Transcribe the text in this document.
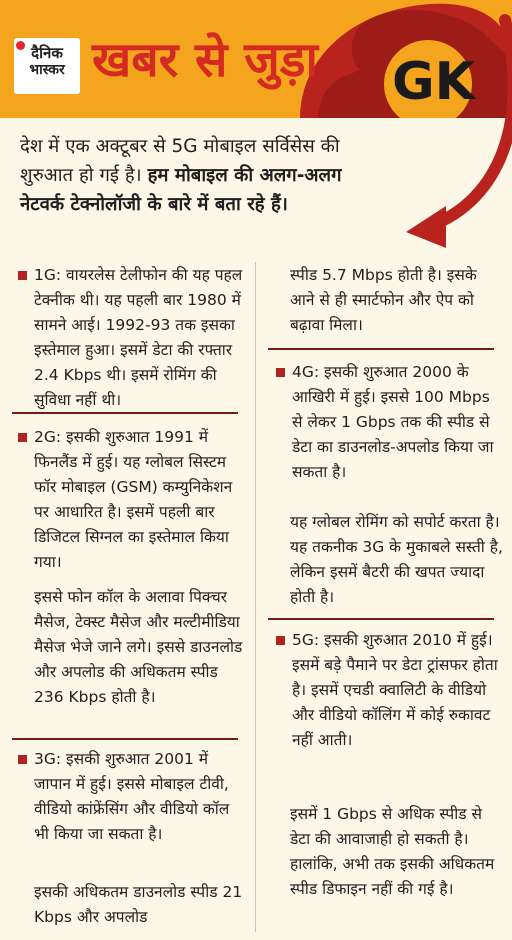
दैनिक
भास्कर खबर से जुड़ा GK
देश में एक अक्टूबर से 5G मोबाइल सर्विसेस की शुरुआत हो गई है। हम मोबाइल की अलग-अलग नेटवर्क टेक्नोलॉजी के बारे में बता रहे हैं।
1G: वायरलेस टेलीफोन की यह पहल टेक्नीक थी। यह पहली बार 1980 में सामने आई। 1992-93 तक इसका इस्तेमाल हुआ। इसमें डेटा की रफ्तार 2.4 Kbps थी। इसमें रोमिंग की सुविधा नहीं थी।
2G: इसकी शुरुआत 1991 में फिनलैंड में हुई। यह ग्लोबल सिस्टम फॉर मोबाइल (GSM) कम्युनिकेशन पर आधारित है। इसमें पहली बार डिजिटल सिग्नल का इस्तेमाल किया गया।
इससे फोन कॉल के अलावा पिक्चर मैसेज, टेक्स्ट मैसेज और मल्टीमीडिया मैसेज भेजे जाने लगे। इससे डाउनलोड और अपलोड की अधिकतम स्पीड 236 Kbps होती है।
3G: इसकी शुरुआत 2001 में जापान में हुई। इससे मोबाइल टीवी, वीडियो कांफ्रेंसिंग और वीडियो कॉल भी किया जा सकता है।
इसकी अधिकतम डाउनलोड स्पीड 21 Kbps और अपलोड
स्पीड 5.7 Mbps होती है। इसके आने से ही स्मार्टफोन और ऐप को बढ़ावा मिला।
4G: इसकी शुरुआत 2000 के आखिरी में हुई। इससे 100 Mbps से लेकर 1 Gbps तक की स्पीड से डेटा का डाउनलोड-अपलोड किया जा सकता है।
यह ग्लोबल रोमिंग को सपोर्ट करता है। यह तकनीक 3G के मुकाबले सस्ती है, लेकिन इसमें बैटरी की खपत ज्यादा होती है।
5G: इसकी शुरुआत 2010 में हुई। इसमें बड़े पैमाने पर डेटा ट्रांसफर होता है। इसमें एचडी क्वालिटी के वीडियो और वीडियो कॉलिंग में कोई रुकावट नहीं आती।
इसमें 1 Gbps से अधिक स्पीड से डेटा की आवाजाही हो सकती है। हालांकि, अभी तक इसकी अधिकतम स्पीड डिफाइन नहीं की गई है।
